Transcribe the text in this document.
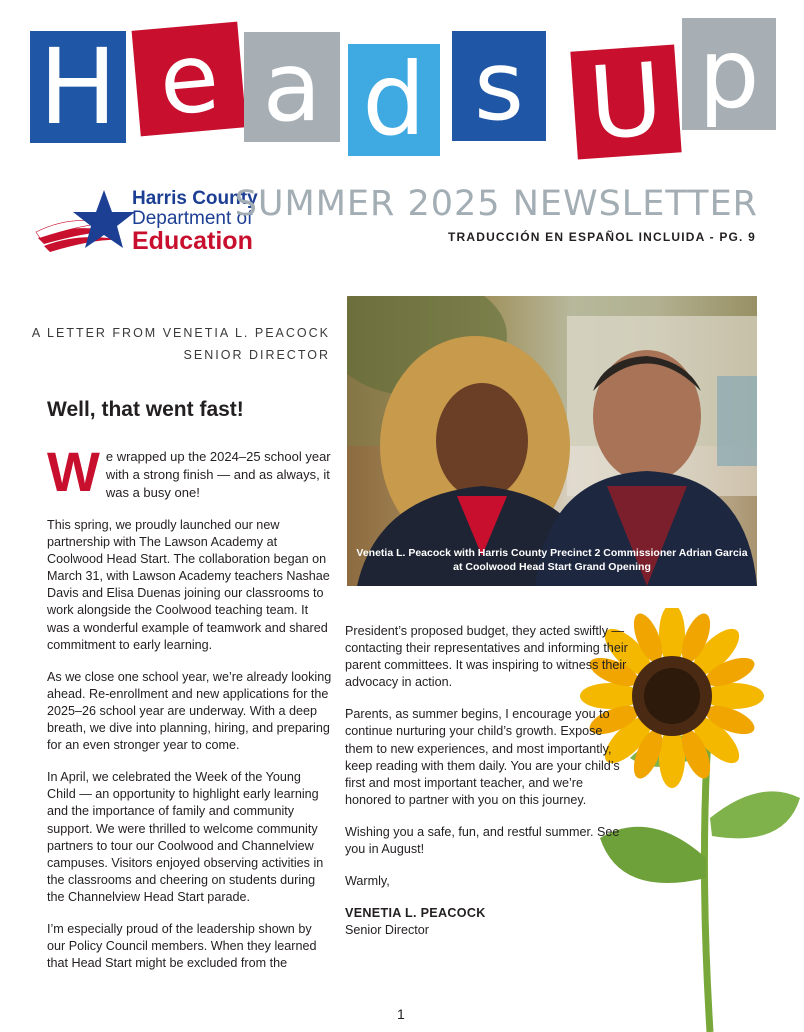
H e a d s U p
Harris County
Department of
Education
SUMMER 2025 NEWSLETTER
TRADUCCIÓN EN ESPAÑOL INCLUIDA - PG. 9
A LETTER FROM VENETIA L. PEACOCK
SENIOR DIRECTOR
Well, that went fast!

W e wrapped up the 2024–25 school year with a strong finish — and as always, it was a busy one!

This spring, we proudly launched our new partnership with The Lawson Academy at Coolwood Head Start. The collaboration began on March 31, with Lawson Academy teachers Nashae Davis and Elisa Duenas joining our classrooms to work alongside the Coolwood teaching team. It was a wonderful example of teamwork and shared commitment to early learning.

As we close one school year, we’re already looking ahead. Re-enrollment and new applications for the 2025–26 school year are underway. With a deep breath, we dive into planning, hiring, and preparing for an even stronger year to come.

In April, we celebrated the Week of the Young Child — an opportunity to highlight early learning and the importance of family and community support. We were thrilled to welcome community partners to tour our Coolwood and Channelview campuses. Visitors enjoyed observing activities in the classrooms and cheering on students during the Channelview Head Start parade.

I’m especially proud of the leadership shown by our Policy Council members. When they learned that Head Start might be excluded from the

Venetia L. Peacock with Harris County Precinct 2 Commissioner Adrian Garcia
at Coolwood Head Start Grand Opening

President’s proposed budget, they acted swiftly — contacting their representatives and informing their parent committees. It was inspiring to witness their advocacy in action.

Parents, as summer begins, I encourage you to continue nurturing your child’s growth. Expose them to new experiences, and most importantly, keep reading with them daily. You are your child’s first and most important teacher, and we’re honored to partner with you on this journey.

Wishing you a safe, fun, and restful summer. See you in August!

Warmly,

VENETIA L. PEACOCK
Senior Director
1
